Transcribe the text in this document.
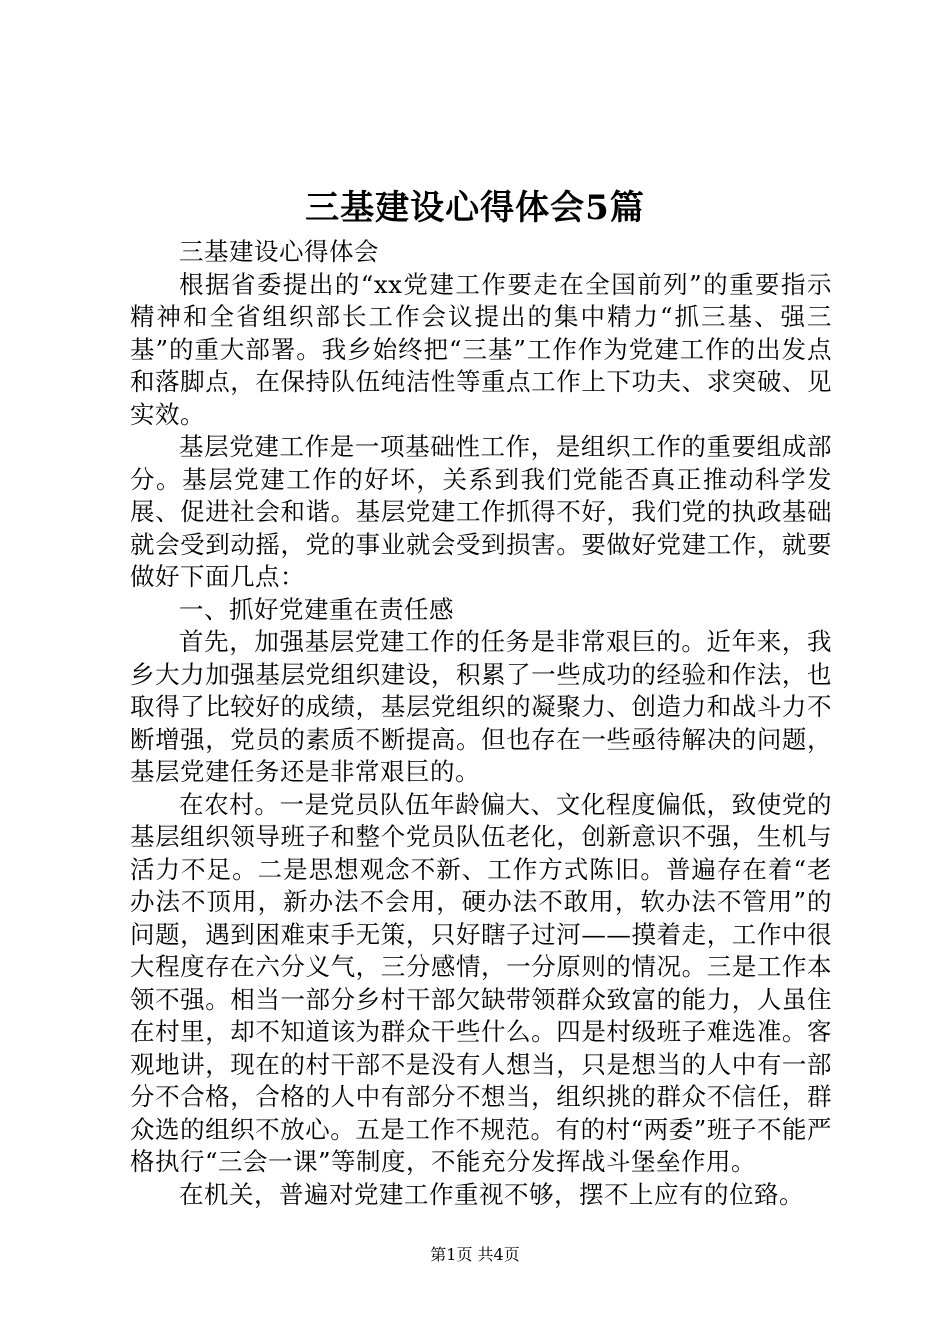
三基建设心得体会5篇

三基建设心得体会

根据省委提出的“xx党建工作要走在全国前列”的重要指示精神和全省组织部长工作会议提出的集中精力“抓三基、强三基”的重大部署。我乡始终把“三基”工作作为党建工作的出发点和落脚点，在保持队伍纯洁性等重点工作上下功夫、求突破、见实效。

基层党建工作是一项基础性工作，是组织工作的重要组成部分。基层党建工作的好坏，关系到我们党能否真正推动科学发展、促进社会和谐。基层党建工作抓得不好，我们党的执政基础就会受到动摇，党的事业就会受到损害。要做好党建工作，就要做好下面几点：

一、抓好党建重在责任感

首先，加强基层党建工作的任务是非常艰巨的。近年来，我乡大力加强基层党组织建设，积累了一些成功的经验和作法，也取得了比较好的成绩，基层党组织的凝聚力、创造力和战斗力不断增强，党员的素质不断提高。但也存在一些亟待解决的问题，基层党建任务还是非常艰巨的。

在农村。一是党员队伍年龄偏大、文化程度偏低，致使党的基层组织领导班子和整个党员队伍老化，创新意识不强，生机与活力不足。二是思想观念不新、工作方式陈旧。普遍存在着“老办法不顶用，新办法不会用，硬办法不敢用，软办法不管用”的问题，遇到困难束手无策，只好瞎子过河——摸着走，工作中很大程度存在六分义气，三分感情，一分原则的情况。三是工作本领不强。相当一部分乡村干部欠缺带领群众致富的能力，人虽住在村里，却不知道该为群众干些什么。四是村级班子难选准。客观地讲，现在的村干部不是没有人想当，只是想当的人中有一部分不合格，合格的人中有部分不想当，组织挑的群众不信任，群众选的组织不放心。五是工作不规范。有的村“两委”班子不能严格执行“三会一课”等制度，不能充分发挥战斗堡垒作用。

在机关，普遍对党建工作重视不够，摆不上应有的位臵。

第1页 共4页
